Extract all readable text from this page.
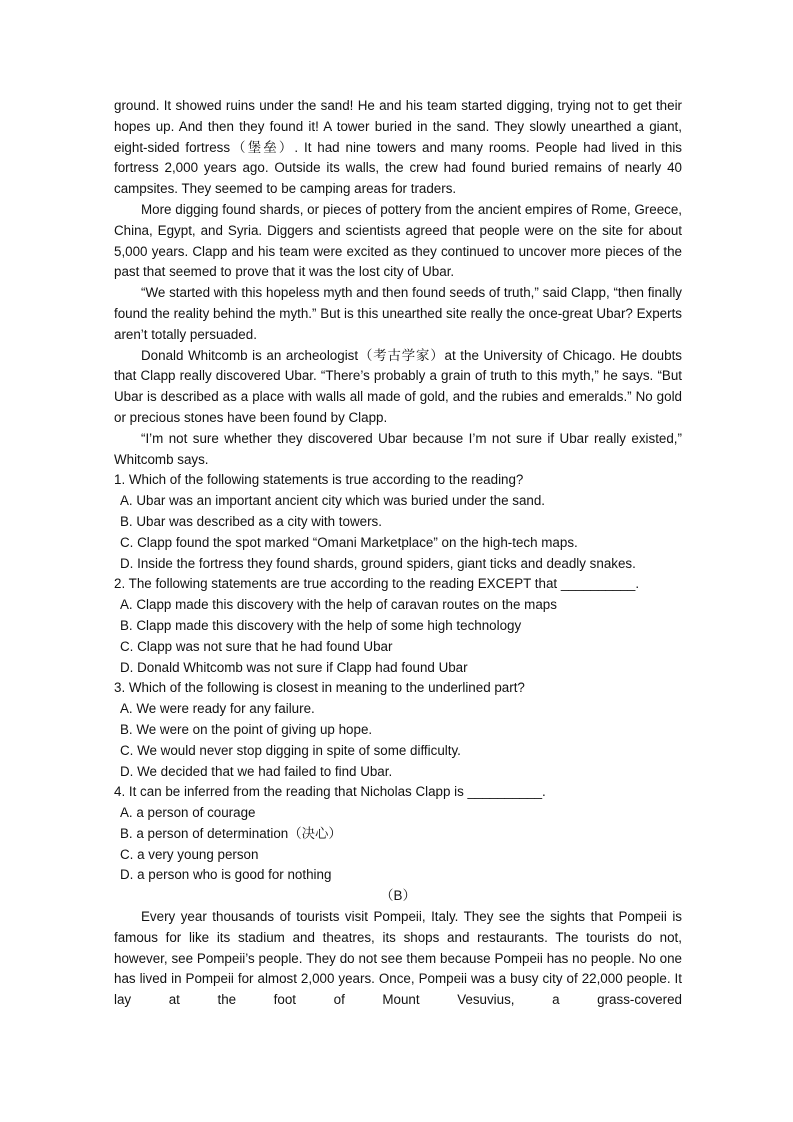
ground. It showed ruins under the sand! He and his team started digging, trying not to get their hopes up. And then they found it! A tower buried in the sand. They slowly unearthed a giant, eight-sided fortress（堡垒）. It had nine towers and many rooms. People had lived in this fortress 2,000 years ago. Outside its walls, the crew had found buried remains of nearly 40 campsites. They seemed to be camping areas for traders.

More digging found shards, or pieces of pottery from the ancient empires of Rome, Greece, China, Egypt, and Syria. Diggers and scientists agreed that people were on the site for about 5,000 years. Clapp and his team were excited as they continued to uncover more pieces of the past that seemed to prove that it was the lost city of Ubar.

“We started with this hopeless myth and then found seeds of truth,” said Clapp, “then finally found the reality behind the myth.” But is this unearthed site really the once-great Ubar? Experts aren’t totally persuaded.

Donald Whitcomb is an archeologist（考古学家）at the University of Chicago. He doubts that Clapp really discovered Ubar. “There’s probably a grain of truth to this myth,” he says. “But Ubar is described as a place with walls all made of gold, and the rubies and emeralds.” No gold or precious stones have been found by Clapp.

“I’m not sure whether they discovered Ubar because I’m not sure if Ubar really existed,” Whitcomb says.

1. Which of the following statements is true according to the reading?

A. Ubar was an important ancient city which was buried under the sand.

B. Ubar was described as a city with towers.

C. Clapp found the spot marked “Omani Marketplace” on the high-tech maps.

D. Inside the fortress they found shards, ground spiders, giant ticks and deadly snakes.

2. The following statements are true according to the reading EXCEPT that __________.

A. Clapp made this discovery with the help of caravan routes on the maps

B. Clapp made this discovery with the help of some high technology

C. Clapp was not sure that he had found Ubar

D. Donald Whitcomb was not sure if Clapp had found Ubar

3. Which of the following is closest in meaning to the underlined part?

A. We were ready for any failure.

B. We were on the point of giving up hope.

C. We would never stop digging in spite of some difficulty.

D. We decided that we had failed to find Ubar.

4. It can be inferred from the reading that Nicholas Clapp is __________.

A. a person of courage

B. a person of determination（决心）

C. a very young person

D. a person who is good for nothing

（B）

Every year thousands of tourists visit Pompeii, Italy. They see the sights that Pompeii is famous for like its stadium and theatres, its shops and restaurants. The tourists do not, however, see Pompeii’s people. They do not see them because Pompeii has no people. No one has lived in Pompeii for almost 2,000 years. Once, Pompeii was a busy city of 22,000 people. It lay at the foot of Mount Vesuvius, a grass-covered
